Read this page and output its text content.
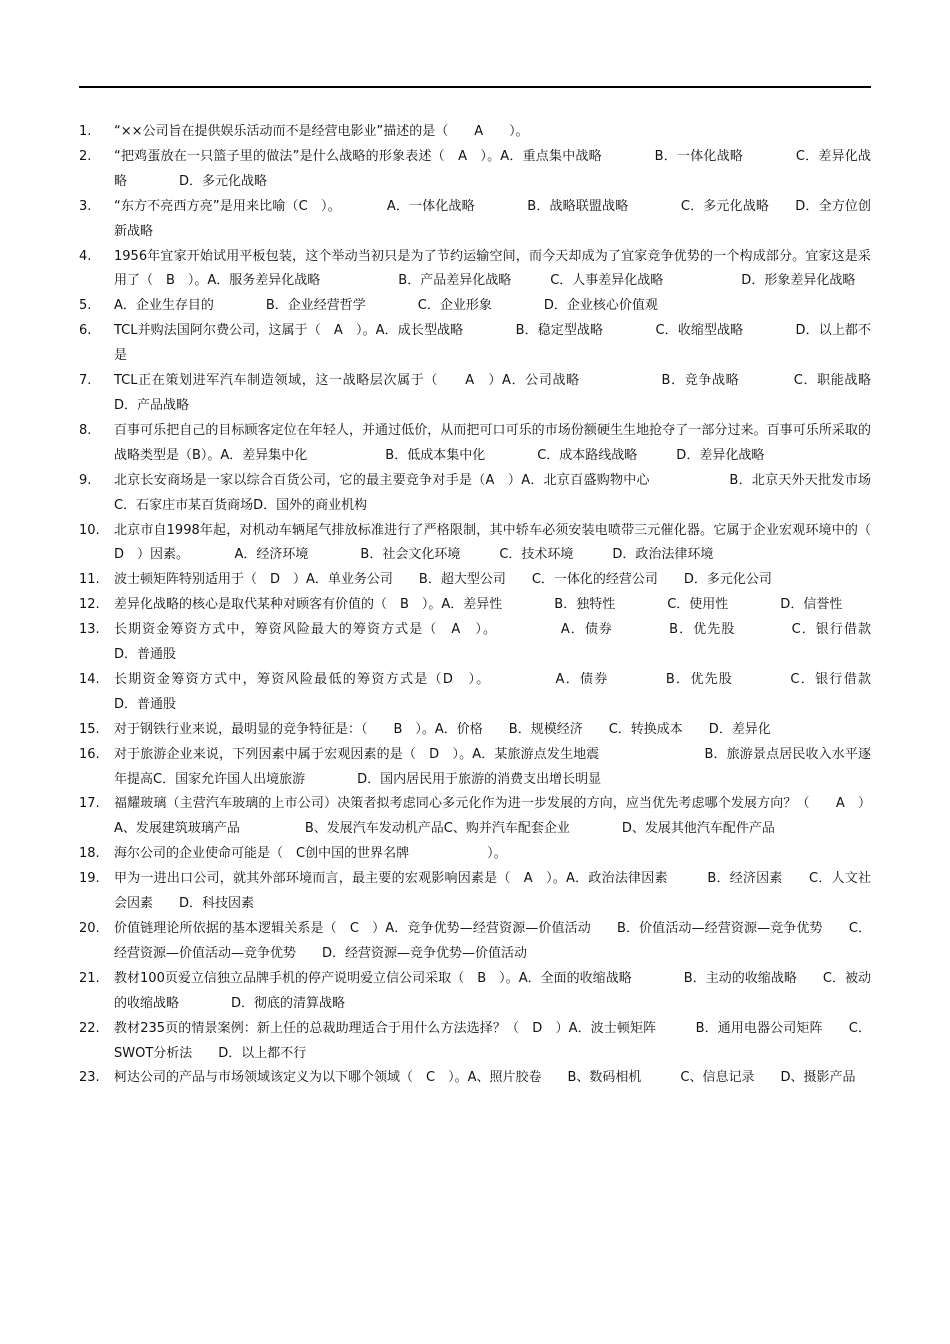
1.	“××公司旨在提供娱乐活动而不是经营电影业”描述的是（　　A　　）。
2.	“把鸡蛋放在一只篮子里的做法”是什么战略的形象表述（　A　）。A．重点集中战略　　　　B．一体化战略　　　　C．差异化战略　　　　D．多元化战略
3.	“东方不亮西方亮”是用来比喻（C　）。　　　　A．一体化战略　　　　B．战略联盟战略　　　　C．多元化战略　　D．全方位创新战略
4.	1956年宜家开始试用平板包装，这个举动当初只是为了节约运输空间，而今天却成为了宜家竞争优势的一个构成部分。宜家这是采用了（　B　）。A．服务差异化战略　　　　　　B．产品差异化战略　　　C．人事差异化战略　　　　　　D．形象差异化战略
5.	A．企业生存目的　　　　B．企业经营哲学　　　　C．企业形象　　　　D．企业核心价值观
6.	TCL并购法国阿尔费公司，这属于（　A　）。A．成长型战略　　　　B．稳定型战略　　　　C．收缩型战略　　　　D．以上都不是
7.	TCL正在策划进军汽车制造领域，这一战略层次属于（　　A　）A．公司战略　　　　　　B．竞争战略　　　　C．职能战略　　　　　D．产品战略
8.	百事可乐把自己的目标顾客定位在年轻人，并通过低价，从而把可口可乐的市场份额硬生生地抢夺了一部分过来。百事可乐所采取的战略类型是（B）。A．差异集中化　　　　　　B．低成本集中化　　　　C．成本路线战略　　　D．差异化战略
9.	北京长安商场是一家以综合百货公司，它的最主要竞争对手是（A　）A．北京百盛购物中心　　　　　　B．北京天外天批发市场　　　　C．石家庄市某百货商场D．国外的商业机构
10.	北京市自1998年起，对机动车辆尾气排放标准进行了严格限制，其中轿车必须安装电喷带三元催化器。它属于企业宏观环境中的（　　D　）因素。　　　　A．经济环境　　　　B．社会文化环境　　　C．技术环境　　　D．政治法律环境
11.	波士顿矩阵特别适用于（　D　）A．单业务公司　　B．超大型公司　　C．一体化的经营公司　　D．多元化公司
12.	差异化战略的核心是取代某种对顾客有价值的（　B　）。A．差异性　　　　B．独特性　　　　C．使用性　　　　D．信誉性
13.	长期资金筹资方式中，筹资风险最大的筹资方式是（　A　）。　　　　　A．债券　　　　B．优先股　　　　C．银行借款　　　　D．普通股
14.	长期资金筹资方式中，筹资风险最低的筹资方式是（D　）。　　　　　A．债券　　　　B．优先股　　　　C．银行借款　　　　D．普通股
15.	对于钢铁行业来说，最明显的竞争特征是：（　　B　）。A．价格　　B．规模经济　　C．转换成本　　D．差异化
16.	对于旅游企业来说，下列因素中属于宏观因素的是（　D　）。A．某旅游点发生地震　　　　　　　　B．旅游景点居民收入水平逐年提高C．国家允许国人出境旅游　　　　D．国内居民用于旅游的消费支出增长明显
17.	福耀玻璃（主营汽车玻璃的上市公司）决策者拟考虑同心多元化作为进一步发展的方向，应当优先考虑哪个发展方向？（　　A　）A、发展建筑玻璃产品　　　　　B、发展汽车发动机产品C、购并汽车配套企业　　　　D、发展其他汽车配件产品
18.	海尔公司的企业使命可能是（　C创中国的世界名牌　　　　　　）。
19.	甲为一进出口公司，就其外部环境而言，最主要的宏观影响因素是（　A　）。A．政治法律因素　　　B．经济因素　　C．人文社会因素　　D．科技因素
20.	价值链理论所依据的基本逻辑关系是（　C　）A．竞争优势—经营资源—价值活动　　B．价值活动—经营资源—竞争优势　　C．经营资源—价值活动—竞争优势　　D．经营资源—竞争优势—价值活动
21.	教材100页爱立信独立品牌手机的停产说明爱立信公司采取（　B　）。A．全面的收缩战略　　　　B．主动的收缩战略　　C．被动的收缩战略　　　　D．彻底的清算战略
22.	教材235页的情景案例：新上任的总裁助理适合于用什么方法选择？（　D　）A．波士顿矩阵　　　B．通用电器公司矩阵　　C．SWOT分析法　　D．以上都不行
23.	柯达公司的产品与市场领域该定义为以下哪个领域（　C　）。A、照片胶卷　　B、数码相机　　　C、信息记录　　D、摄影产品
